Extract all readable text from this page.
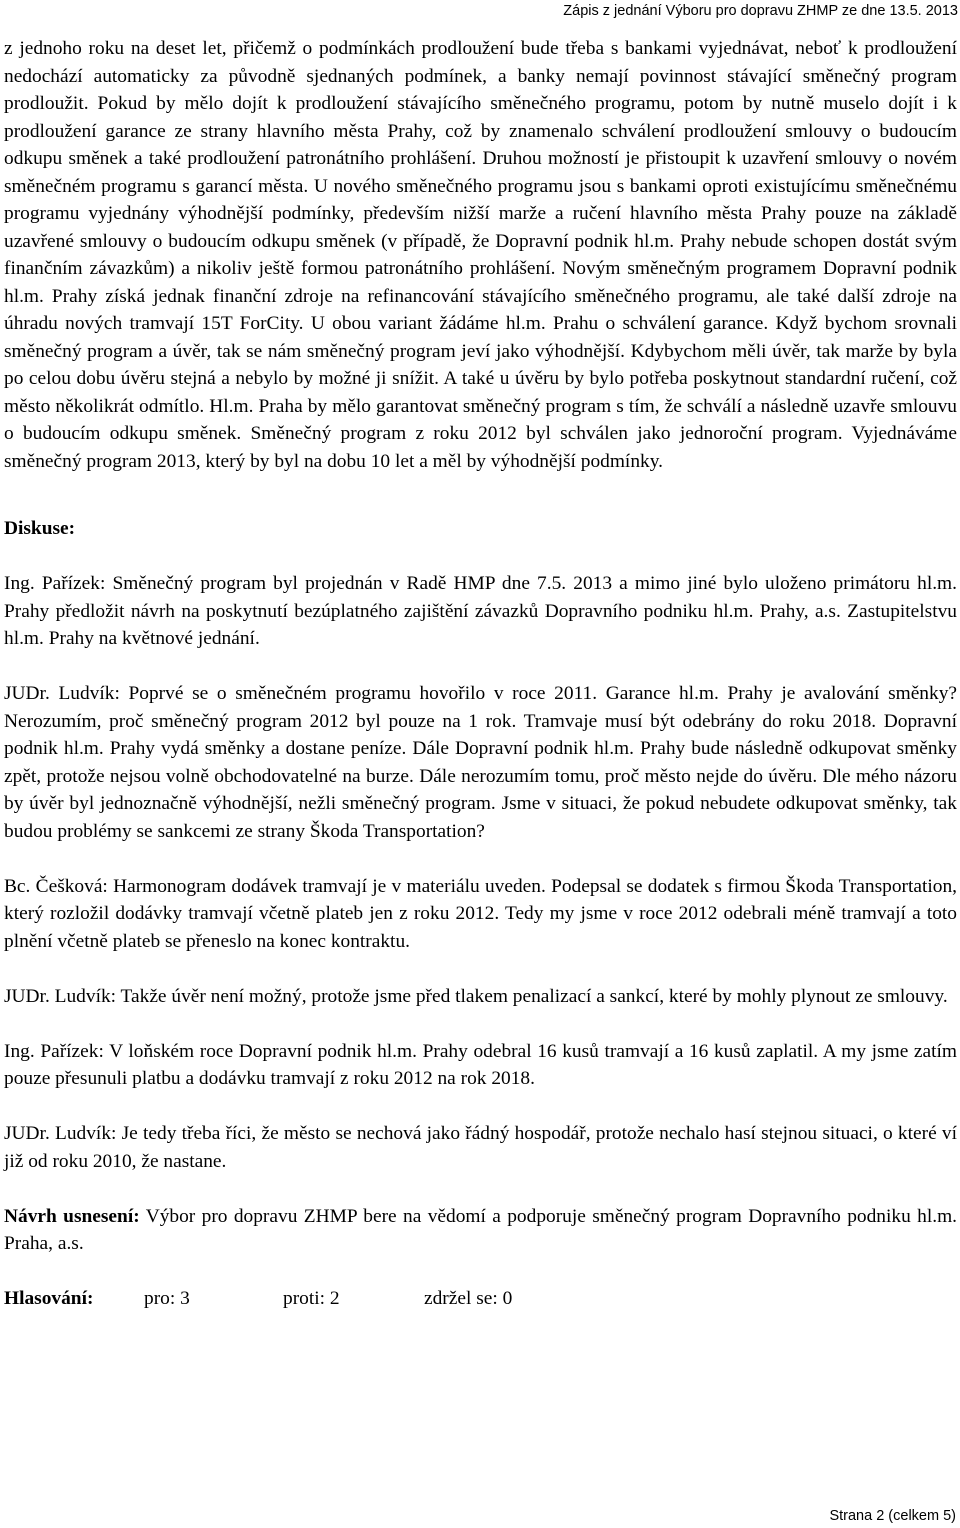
Zápis z jednání Výboru pro dopravu ZHMP ze dne 13.5. 2013

z jednoho roku na deset let, přičemž o podmínkách prodloužení bude třeba s bankami vyjednávat, neboť k prodloužení nedochází automaticky za původně sjednaných podmínek, a banky nemají povinnost stávající směnečný program prodloužit. Pokud by mělo dojít k prodloužení stávajícího směnečného programu, potom by nutně muselo dojít i k prodloužení garance ze strany hlavního města Prahy, což by znamenalo schválení prodloužení smlouvy o budoucím odkupu směnek a také prodloužení patronátního prohlášení. Druhou možností je přistoupit k uzavření smlouvy o novém směnečném programu s garancí města. U nového směnečného programu jsou s bankami oproti existujícímu směnečnému programu vyjednány výhodnější podmínky, především nižší marže a ručení hlavního města Prahy pouze na základě uzavřené smlouvy o budoucím odkupu směnek (v případě, že Dopravní podnik hl.m. Prahy nebude schopen dostát svým finančním závazkům) a nikoliv ještě formou patronátního prohlášení. Novým směnečným programem Dopravní podnik hl.m. Prahy získá jednak finanční zdroje na refinancování stávajícího směnečného programu, ale také další zdroje na úhradu nových tramvají 15T ForCity. U obou variant žádáme hl.m. Prahu o schválení garance. Když bychom srovnali směnečný program a úvěr, tak se nám směnečný program jeví jako výhodnější. Kdybychom měli úvěr, tak marže by byla po celou dobu úvěru stejná a nebylo by možné ji snížit. A také u úvěru by bylo potřeba poskytnout standardní ručení, což město několikrát odmítlo. Hl.m. Praha by mělo garantovat směnečný program s tím, že schválí a následně uzavře smlouvu o budoucím odkupu směnek. Směnečný program z roku 2012 byl schválen jako jednoroční program. Vyjednáváme směnečný program 2013, který by byl na dobu 10 let a měl by výhodnější podmínky.

Diskuse:

Ing. Pařízek: Směnečný program byl projednán v Radě HMP dne 7.5. 2013 a mimo jiné bylo uloženo primátoru hl.m. Prahy předložit návrh na poskytnutí bezúplatného zajištění závazků Dopravního podniku hl.m. Prahy, a.s. Zastupitelstvu hl.m. Prahy na květnové jednání.

JUDr. Ludvík: Poprvé se o směnečném programu hovořilo v roce 2011. Garance hl.m. Prahy je avalování směnky? Nerozumím, proč směnečný program 2012 byl pouze na 1 rok. Tramvaje musí být odebrány do roku 2018. Dopravní podnik hl.m. Prahy vydá směnky a dostane peníze. Dále Dopravní podnik hl.m. Prahy bude následně odkupovat směnky zpět, protože nejsou volně obchodovatelné na burze. Dále nerozumím tomu, proč město nejde do úvěru. Dle mého názoru by úvěr byl jednoznačně výhodnější, nežli směnečný program. Jsme v situaci, že pokud nebudete odkupovat směnky, tak budou problémy se sankcemi ze strany Škoda Transportation?

Bc. Češková: Harmonogram dodávek tramvají je v materiálu uveden. Podepsal se dodatek s firmou Škoda Transportation, který rozložil dodávky tramvají včetně plateb jen z roku 2012. Tedy my jsme v roce 2012 odebrali méně tramvají a toto plnění včetně plateb se přeneslo na konec kontraktu.

JUDr. Ludvík: Takže úvěr není možný, protože jsme před tlakem penalizací a sankcí, které by mohly plynout ze smlouvy.

Ing. Pařízek: V loňském roce Dopravní podnik hl.m. Prahy odebral 16 kusů tramvají a 16 kusů zaplatil. A my jsme zatím pouze přesunuli platbu a dodávku tramvají z roku 2012 na rok 2018.

JUDr. Ludvík: Je tedy třeba říci, že město se nechová jako řádný hospodář, protože nechalo hasí stejnou situaci, o které ví již od roku 2010, že nastane.

Návrh usnesení: Výbor pro dopravu ZHMP bere na vědomí a podporuje směnečný program Dopravního podniku hl.m. Praha, a.s.

Hlasování:	pro: 3	proti: 2	zdržel se: 0

Strana 2 (celkem 5)
